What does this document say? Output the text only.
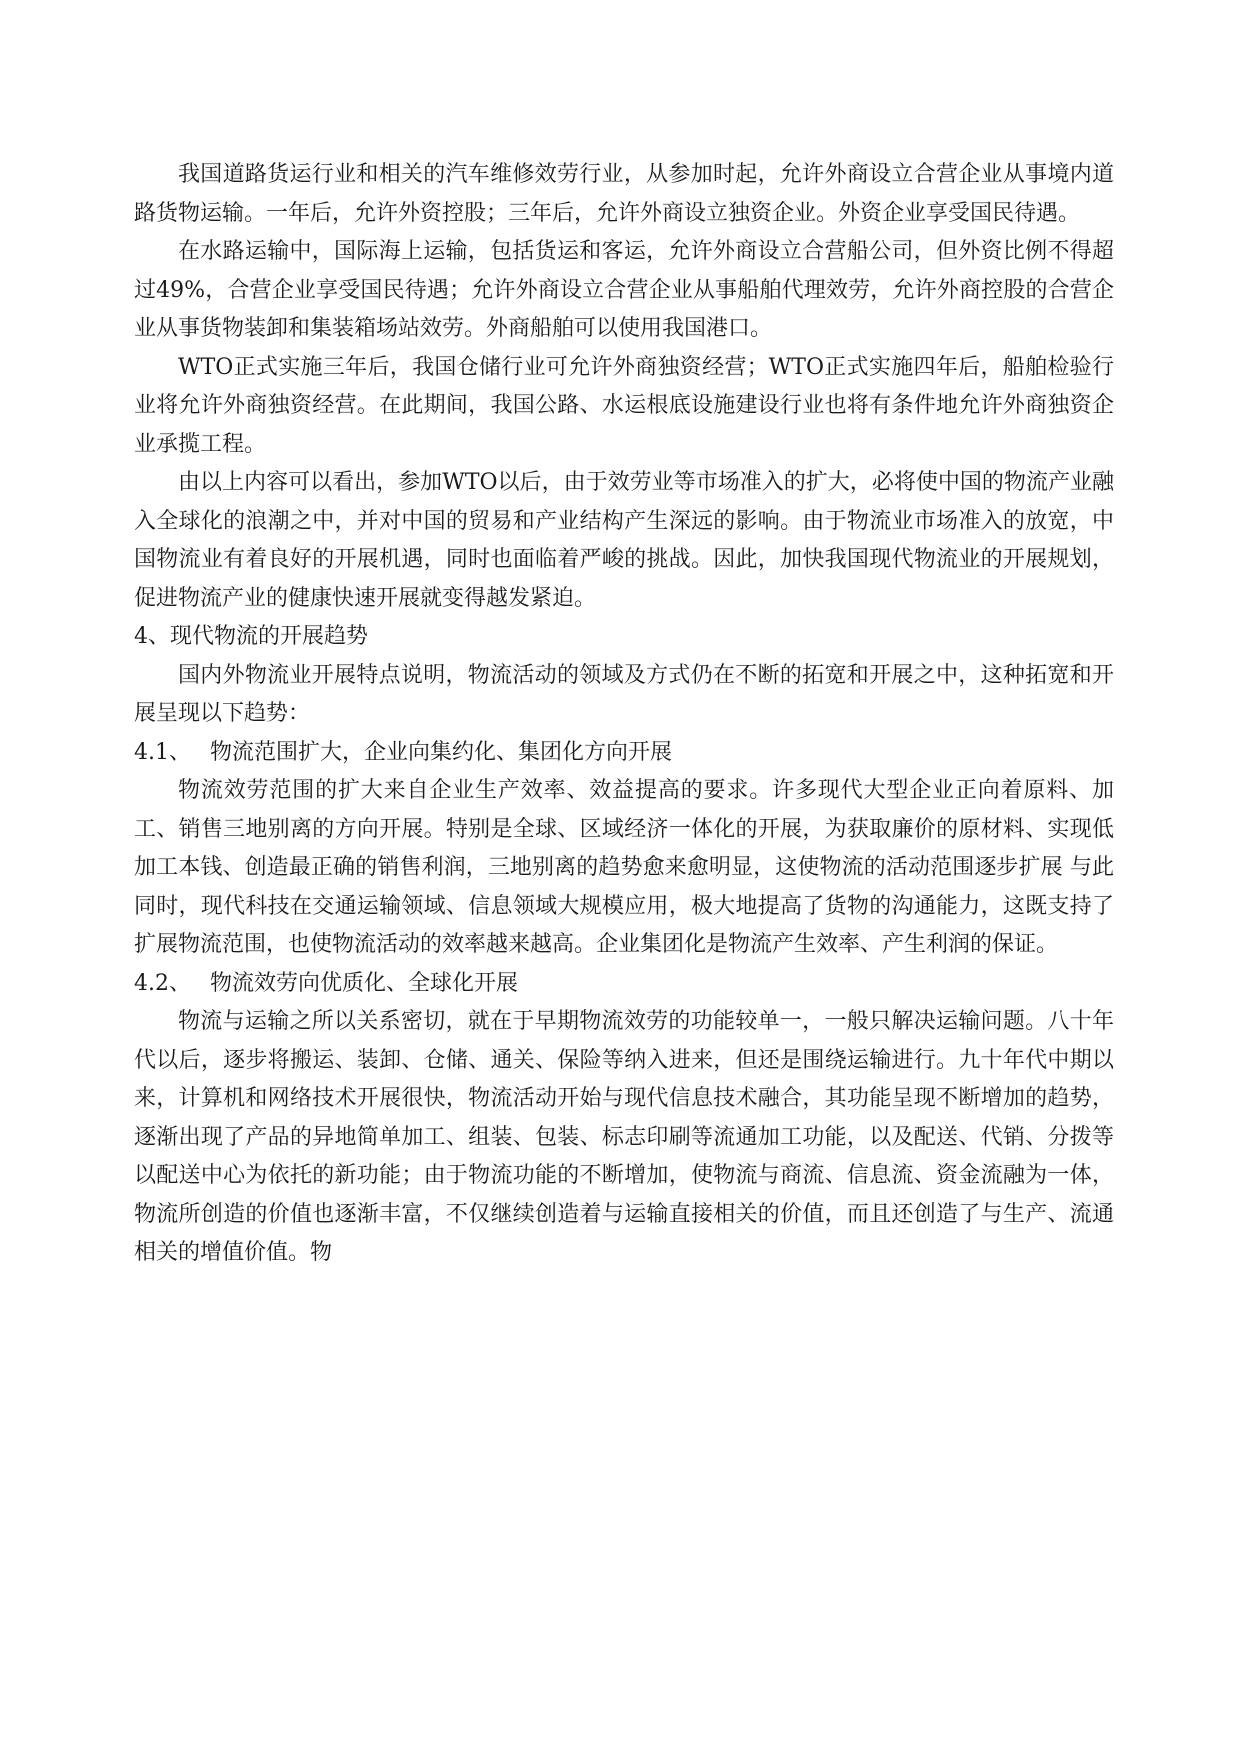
我国道路货运行业和相关的汽车维修效劳行业，从参加时起，允许外商设立合营企业从事境内道路货物运输。一年后，允许外资控股；三年后，允许外商设立独资企业。外资企业享受国民待遇。

在水路运输中，国际海上运输，包括货运和客运，允许外商设立合营船公司，但外资比例不得超过49%，合营企业享受国民待遇；允许外商设立合营企业从事船舶代理效劳，允许外商控股的合营企业从事货物装卸和集装箱场站效劳。外商船舶可以使用我国港口。

WTO正式实施三年后，我国仓储行业可允许外商独资经营；WTO正式实施四年后，船舶检验行业将允许外商独资经营。在此期间，我国公路、水运根底设施建设行业也将有条件地允许外商独资企业承揽工程。

由以上内容可以看出，参加WTO以后，由于效劳业等市场准入的扩大，必将使中国的物流产业融入全球化的浪潮之中，并对中国的贸易和产业结构产生深远的影响。由于物流业市场准入的放宽，中国物流业有着良好的开展机遇，同时也面临着严峻的挑战。因此，加快我国现代物流业的开展规划，促进物流产业的健康快速开展就变得越发紧迫。

4、现代物流的开展趋势

国内外物流业开展特点说明，物流活动的领域及方式仍在不断的拓宽和开展之中，这种拓宽和开展呈现以下趋势：

4.1、 物流范围扩大，企业向集约化、集团化方向开展

物流效劳范围的扩大来自企业生产效率、效益提高的要求。许多现代大型企业正向着原料、加工、销售三地别离的方向开展。特别是全球、区域经济一体化的开展，为获取廉价的原材料、实现低加工本钱、创造最正确的销售利润，三地别离的趋势愈来愈明显，这使物流的活动范围逐步扩展 与此同时，现代科技在交通运输领域、信息领域大规模应用，极大地提高了货物的沟通能力，这既支持了扩展物流范围，也使物流活动的效率越来越高。企业集团化是物流产生效率、产生利润的保证。

4.2、 物流效劳向优质化、全球化开展

物流与运输之所以关系密切，就在于早期物流效劳的功能较单一，一般只解决运输问题。八十年代以后，逐步将搬运、装卸、仓储、通关、保险等纳入进来，但还是围绕运输进行。九十年代中期以来，计算机和网络技术开展很快，物流活动开始与现代信息技术融合，其功能呈现不断增加的趋势，逐渐出现了产品的异地简单加工、组装、包装、标志印刷等流通加工功能，以及配送、代销、分拨等以配送中心为依托的新功能；由于物流功能的不断增加，使物流与商流、信息流、资金流融为一体，物流所创造的价值也逐渐丰富，不仅继续创造着与运输直接相关的价值，而且还创造了与生产、流通相关的增值价值。物
